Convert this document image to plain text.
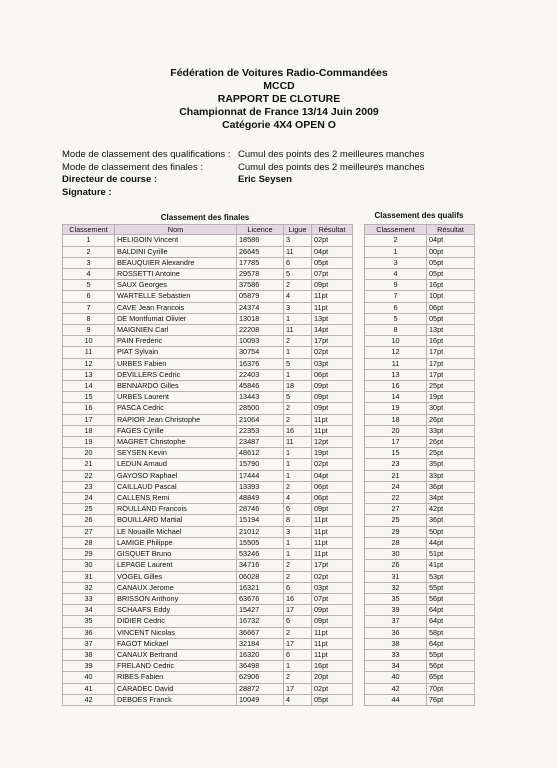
Fédération de Voitures Radio-Commandées
MCCD
RAPPORT DE CLOTURE
Championnat de France 13/14 Juin 2009
Catégorie 4X4 OPEN O
Mode de classement des qualifications : Cumul des points des 2 meilleures manches
Mode de classement des finales :	Cumul des points des 2 meilleures manches
Directeur de course :	Eric Seysen
Signature :
Classement des finales
Classement	Nom	Licence	Ligue	Résultat
1	HELIGOIN Vincent	18586	3	02pt
2	BALDINI Cyrille	26645	11	04pt
3	BEAUQUIER Alexandre	17785	6	05pt
4	ROSSETTI Antoine	29578	5	07pt
5	SAUX Georges	37586	2	09pt
6	WARTELLE Sebastien	05879	4	11pt
7	CAVE Jean Francois	24374	3	11pt
8	DE Montfumat Olivier	13018	1	13pt
9	MAIGNIEN Carl	22208	11	14pt
10	PAIN Frederic	10093	2	17pt
11	PIAT Sylvain	30754	1	02pt
12	URBES Fabien	16376	5	03pt
13	DEVILLERS Cedric	22403	1	06pt
14	BENNARDO Gilles	45846	18	09pt
15	URBES Laurent	13443	5	09pt
16	PASCA Cedric	28500	2	09pt
17	RAPIOR Jean Christophe	21064	2	11pt
18	FAGES Cyrille	22353	16	11pt
19	MAGRET Christophe	23487	11	12pt
20	SEYSEN Kevin	48612	1	19pt
21	LEDUN Arnaud	15790	1	02pt
22	GAYOSO Raphael	17444	1	04pt
23	CAILLAUD Pascal	13393	2	06pt
24	CALLENS Remi	48849	4	06pt
25	ROULLAND Francois	28746	6	09pt
26	BOUILLARD Martial	15194	8	11pt
27	LE Nouaille Michael	21012	3	11pt
28	LAMIGE Philippe	15505	1	11pt
29	GISQUET Bruno	53246	1	11pt
30	LEPAGE Laurent	34716	2	17pt
31	VOGEL Gilles	06028	2	02pt
32	CANAUX Jerome	16321	6	03pt
33	BRISSON Anthony	63676	16	07pt
34	SCHAAFS Eddy	15427	17	09pt
35	DIDIER Cedric	16732	6	09pt
36	VINCENT Nicolas	36667	2	11pt
37	FAGOT Mickael	32184	17	11pt
38	CANAUX Bertrand	16320	6	11pt
39	FRELAND Cedric	36498	1	16pt
40	RIBES Fabien	62906	2	20pt
41	CARADEC David	28872	17	02pt
42	DEBOES Franck	10049	4	05pt
Classement des qualifs
Classement	Résultat
2	04pt
1	00pt
3	05pt
4	05pt
9	16pt
7	10pt
6	06pt
5	05pt
8	13pt
10	16pt
12	17pt
11	17pt
13	17pt
16	25pt
14	19pt
19	30pt
18	26pt
20	33pt
17	26pt
15	25pt
23	35pt
21	33pt
24	36pt
22	34pt
27	42pt
25	36pt
29	50pt
28	44pt
30	51pt
26	41pt
31	53pt
32	55pt
35	56pt
39	64pt
37	64pt
36	58pt
38	64pt
33	55pt
34	56pt
40	65pt
42	70pt
44	76pt
